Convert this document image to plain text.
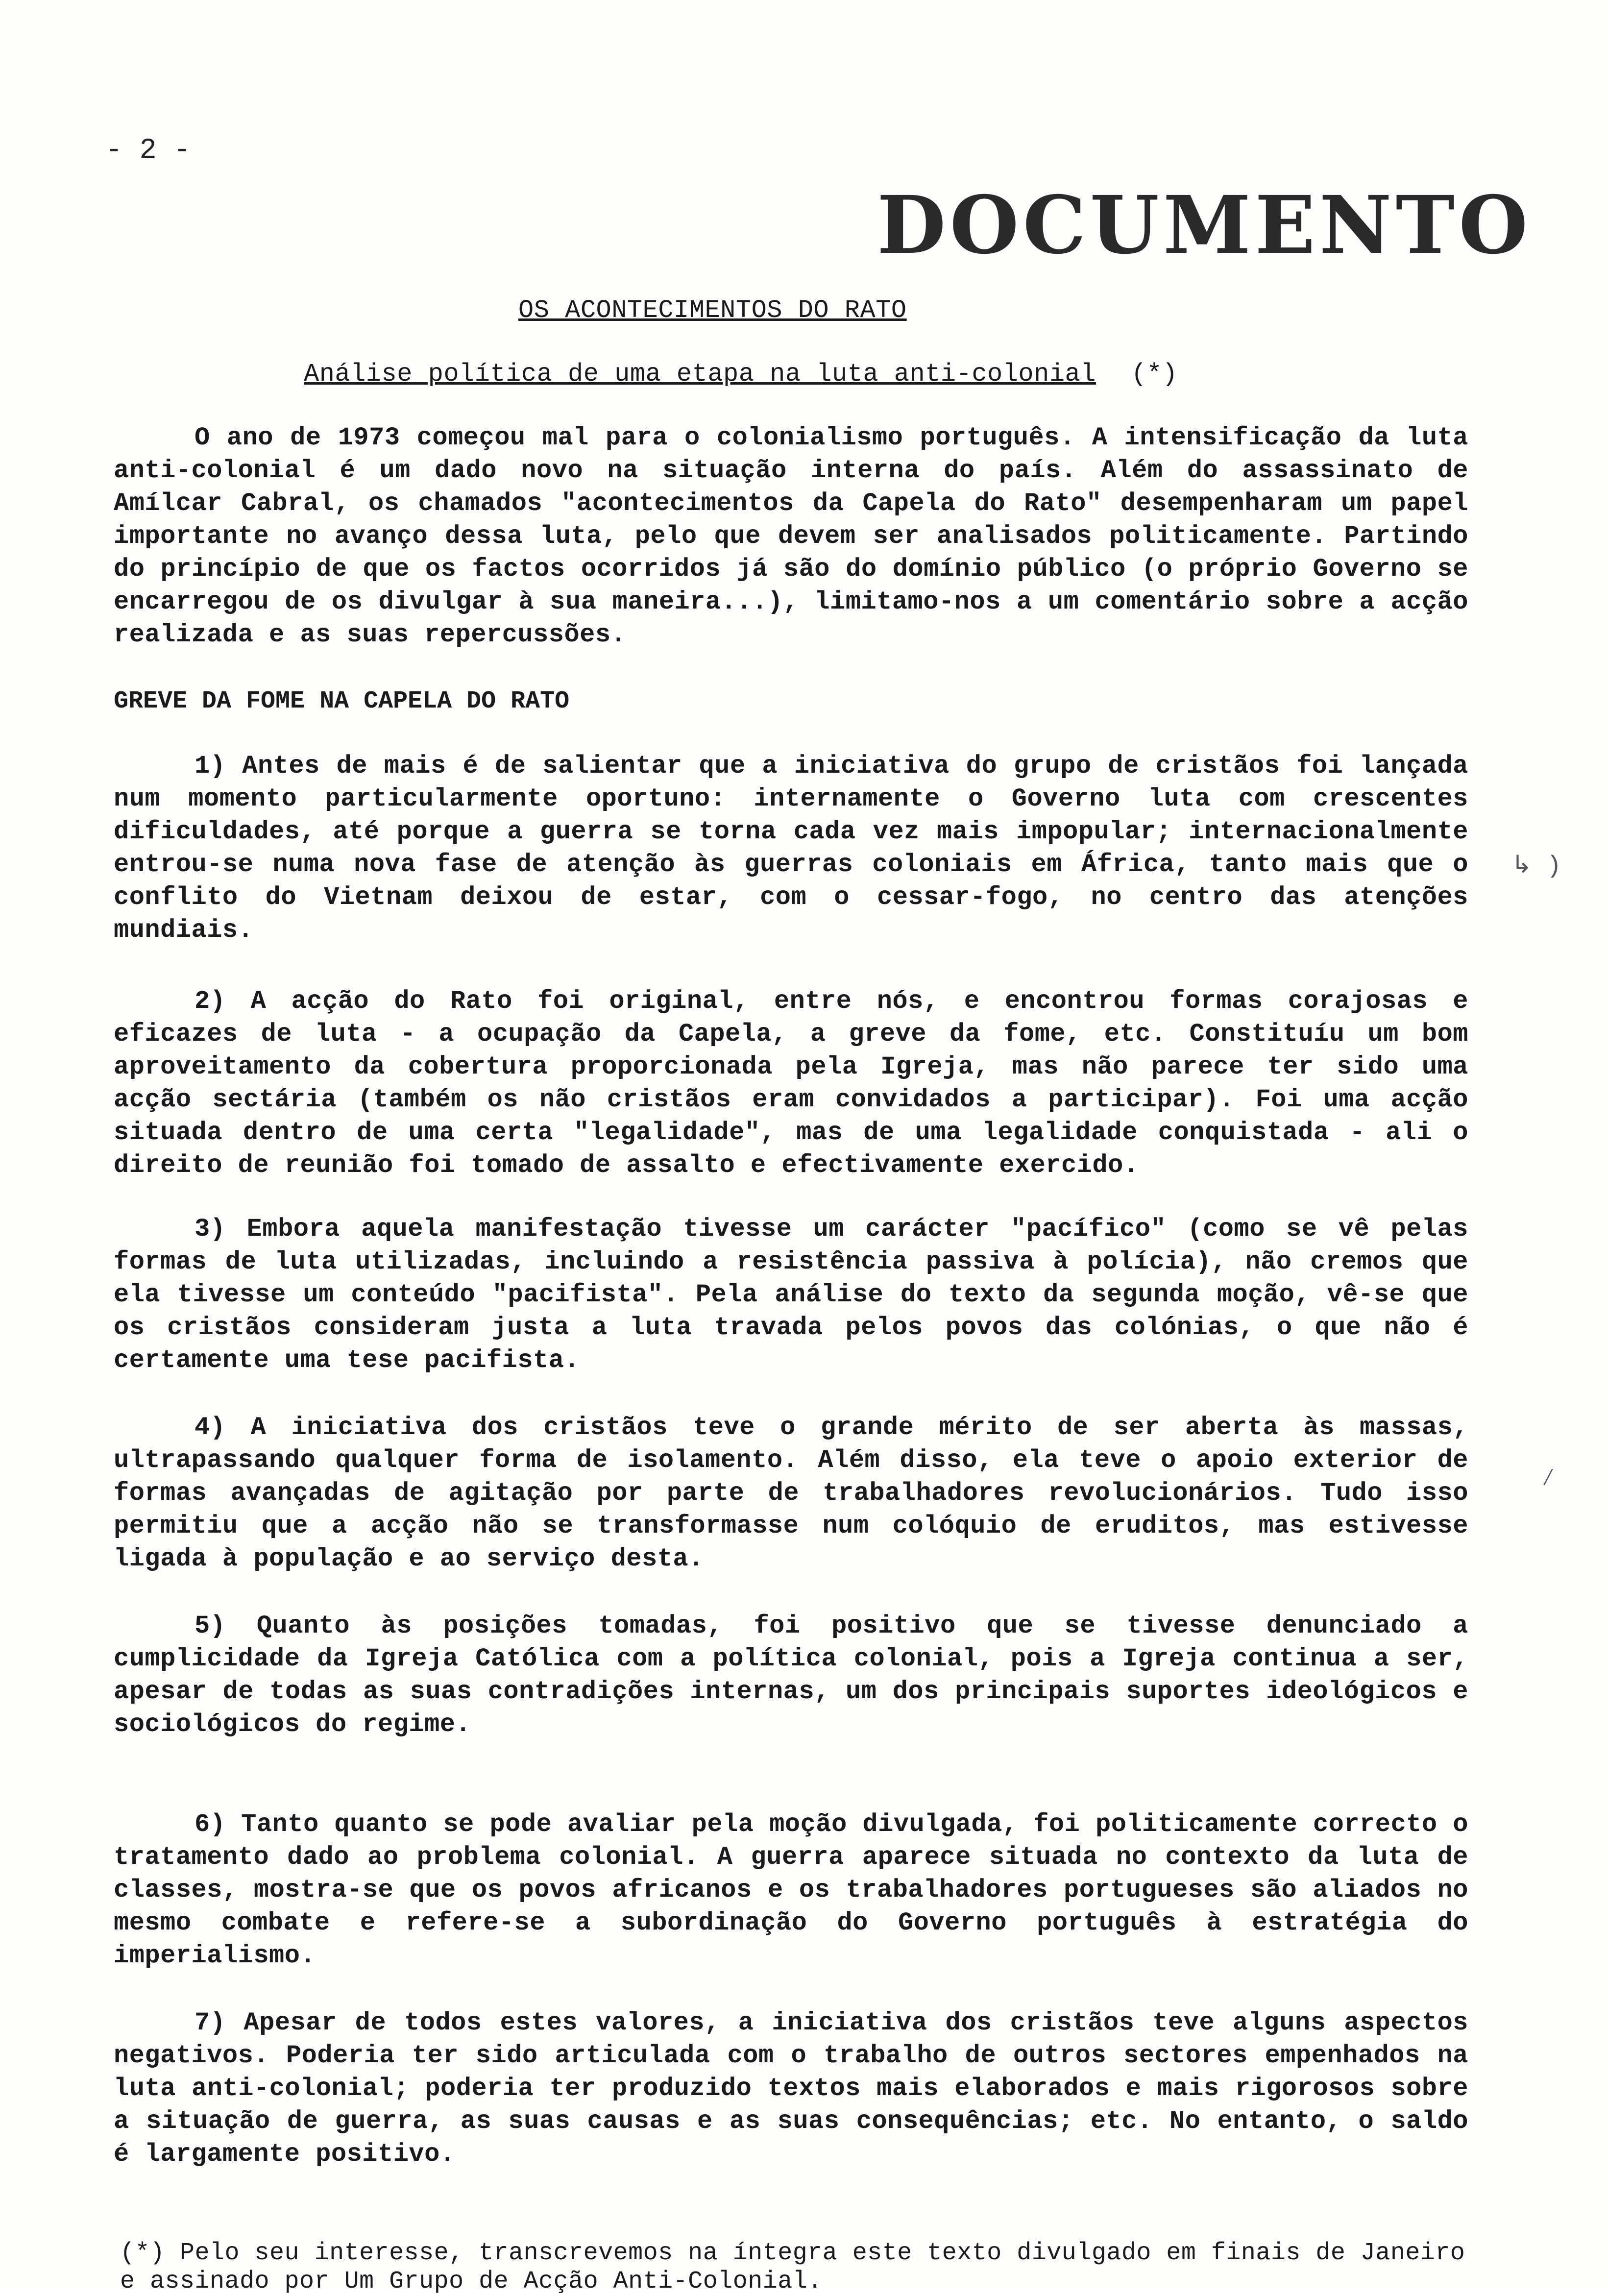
- 2 -
DOCUMENTO
OS ACONTECIMENTOS DO RATO
Análise política de uma etapa na luta anti-colonial (*)

O ano de 1973 começou mal para o colonialismo português. A intensificação da luta anti-colonial é um dado novo na situação interna do país. Além do assassinato de Amílcar Cabral, os chamados "acontecimentos da Capela do Rato" desempenharam um papel importante no avanço dessa luta, pelo que devem ser analisados politicamente. Partindo do princípio de que os factos ocorridos já são do domínio público (o próprio Governo se encarregou de os divulgar à sua maneira...), limitamo-nos a um comentário sobre a acção realizada e as suas repercussões.

GREVE DA FOME NA CAPELA DO RATO

1) Antes de mais é de salientar que a iniciativa do grupo de cristãos foi lançada num momento particularmente oportuno: internamente o Governo luta com crescentes dificuldades, até porque a guerra se torna cada vez mais impopular; internacionalmente entrou-se numa nova fase de atenção às guerras coloniais em África, tanto mais que o conflito do Vietnam deixou de estar, com o cessar-fogo, no centro das atenções mundiais.

2) A acção do Rato foi original, entre nós, e encontrou formas corajosas e eficazes de luta - a ocupação da Capela, a greve da fome, etc. Constituíu um bom aproveitamento da cobertura proporcionada pela Igreja, mas não parece ter sido uma acção sectária (também os não cristãos eram convidados a participar). Foi uma acção situada dentro de uma certa "legalidade", mas de uma legalidade conquistada - ali o direito de reunião foi tomado de assalto e efectivamente exercido.

3) Embora aquela manifestação tivesse um carácter "pacífico" (como se vê pelas formas de luta utilizadas, incluindo a resistência passiva à polícia), não cremos que ela tivesse um conteúdo "pacifista". Pela análise do texto da segunda moção, vê-se que os cristãos consideram justa a luta travada pelos povos das colónias, o que não é certamente uma tese pacifista.

4) A iniciativa dos cristãos teve o grande mérito de ser aberta às massas, ultrapassando qualquer forma de isolamento. Além disso, ela teve o apoio exterior de formas avançadas de agitação por parte de trabalhadores revolucionários. Tudo isso permitiu que a acção não se transformasse num colóquio de eruditos, mas estivesse ligada à população e ao serviço desta.

5) Quanto às posições tomadas, foi positivo que se tivesse denunciado a cumplicidade da Igreja Católica com a política colonial, pois a Igreja continua a ser, apesar de todas as suas contradições internas, um dos principais suportes ideológicos e sociológicos do regime.

6) Tanto quanto se pode avaliar pela moção divulgada, foi politicamente correcto o tratamento dado ao problema colonial. A guerra aparece situada no contexto da luta de classes, mostra-se que os povos africanos e os trabalhadores portugueses são aliados no mesmo combate e refere-se a subordinação do Governo português à estratégia do imperialismo.

7) Apesar de todos estes valores, a iniciativa dos cristãos teve alguns aspectos negativos. Poderia ter sido articulada com o trabalho de outros sectores empenhados na luta anti-colonial; poderia ter produzido textos mais elaborados e mais rigorosos sobre a situação de guerra, as suas causas e as suas consequências; etc. No entanto, o saldo é largamente positivo.

(*) Pelo seu interesse, transcrevemos na íntegra este texto divulgado em finais de Janeiro e assinado por Um Grupo de Acção Anti-Colonial.

↳ )
⁄
